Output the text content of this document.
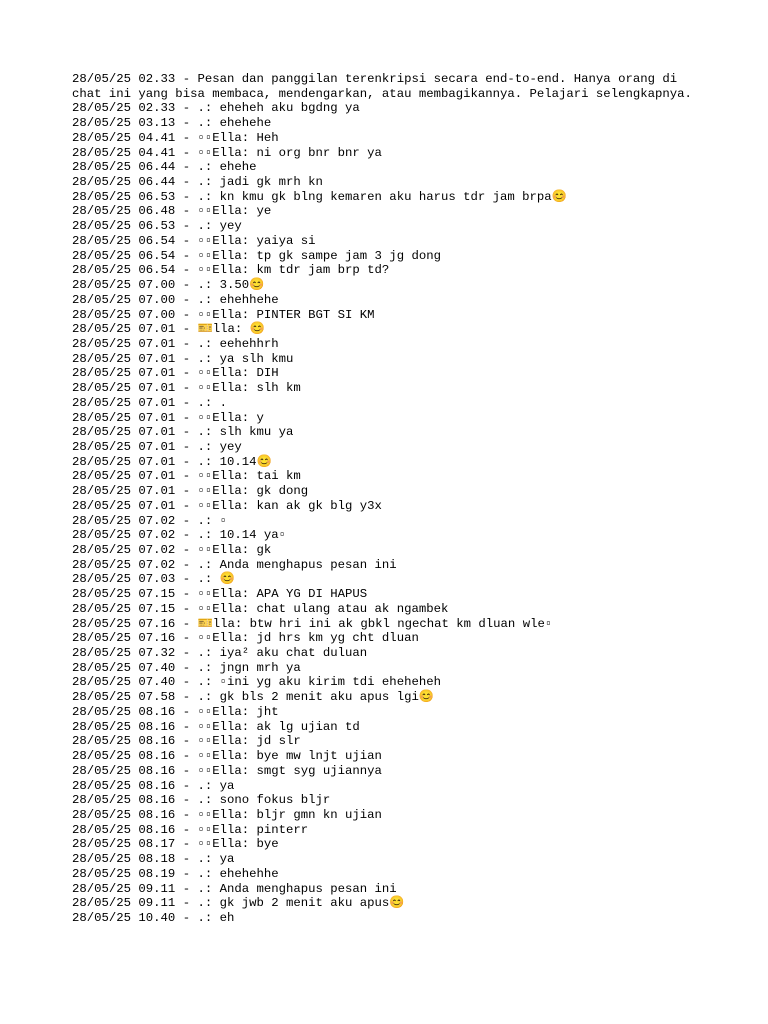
28/05/25 02.33 - Pesan dan panggilan terenkripsi secara end-to-end. Hanya orang di chat ini yang bisa membaca, mendengarkan, atau membagikannya. Pelajari selengkapnya.
28/05/25 02.33 - .: eheheh aku bgdng ya
28/05/25 03.13 - .: ehehehe
28/05/25 04.41 - ▫▫Ella: Heh
28/05/25 04.41 - ▫▫Ella: ni org bnr bnr ya
28/05/25 06.44 - .: ehehe
28/05/25 06.44 - .: jadi gk mrh kn
28/05/25 06.53 - .: kn kmu gk blng kemaren aku harus tdr jam brpa😊
28/05/25 06.48 - ▫▫Ella: ye
28/05/25 06.53 - .: yey
28/05/25 06.54 - ▫▫Ella: yaiya si
28/05/25 06.54 - ▫▫Ella: tp gk sampe jam 3 jg dong
28/05/25 06.54 - ▫▫Ella: km tdr jam brp td?
28/05/25 07.00 - .: 3.50😊
28/05/25 07.00 - .: ehehhehe
28/05/25 07.00 - ▫▫Ella: PINTER BGT SI KM
28/05/25 07.01 - 🎫lla: 😊
28/05/25 07.01 - .: eehehhrh
28/05/25 07.01 - .: ya slh kmu
28/05/25 07.01 - ▫▫Ella: DIH
28/05/25 07.01 - ▫▫Ella: slh km
28/05/25 07.01 - .: .
28/05/25 07.01 - ▫▫Ella: y
28/05/25 07.01 - .: slh kmu ya
28/05/25 07.01 - .: yey
28/05/25 07.01 - .: 10.14😊
28/05/25 07.01 - ▫▫Ella: tai km
28/05/25 07.01 - ▫▫Ella: gk dong
28/05/25 07.01 - ▫▫Ella: kan ak gk blg y3x
28/05/25 07.02 - .: ▫
28/05/25 07.02 - .: 10.14 ya▫
28/05/25 07.02 - ▫▫Ella: gk
28/05/25 07.02 - .: Anda menghapus pesan ini
28/05/25 07.03 - .: 😊
28/05/25 07.15 - ▫▫Ella: APA YG DI HAPUS
28/05/25 07.15 - ▫▫Ella: chat ulang atau ak ngambek
28/05/25 07.16 - 🎫lla: btw hri ini ak gbkl ngechat km dluan wle▫
28/05/25 07.16 - ▫▫Ella: jd hrs km yg cht dluan
28/05/25 07.32 - .: iya² aku chat duluan
28/05/25 07.40 - .: jngn mrh ya
28/05/25 07.40 - .: ▫ini yg aku kirim tdi eheheheh
28/05/25 07.58 - .: gk bls 2 menit aku apus lgi😊
28/05/25 08.16 - ▫▫Ella: jht
28/05/25 08.16 - ▫▫Ella: ak lg ujian td
28/05/25 08.16 - ▫▫Ella: jd slr
28/05/25 08.16 - ▫▫Ella: bye mw lnjt ujian
28/05/25 08.16 - ▫▫Ella: smgt syg ujiannya
28/05/25 08.16 - .: ya
28/05/25 08.16 - .: sono fokus bljr
28/05/25 08.16 - ▫▫Ella: bljr gmn kn ujian
28/05/25 08.16 - ▫▫Ella: pinterr
28/05/25 08.17 - ▫▫Ella: bye
28/05/25 08.18 - .: ya
28/05/25 08.19 - .: ehehehhe
28/05/25 09.11 - .: Anda menghapus pesan ini
28/05/25 09.11 - .: gk jwb 2 menit aku apus😊
28/05/25 10.40 - .: eh
